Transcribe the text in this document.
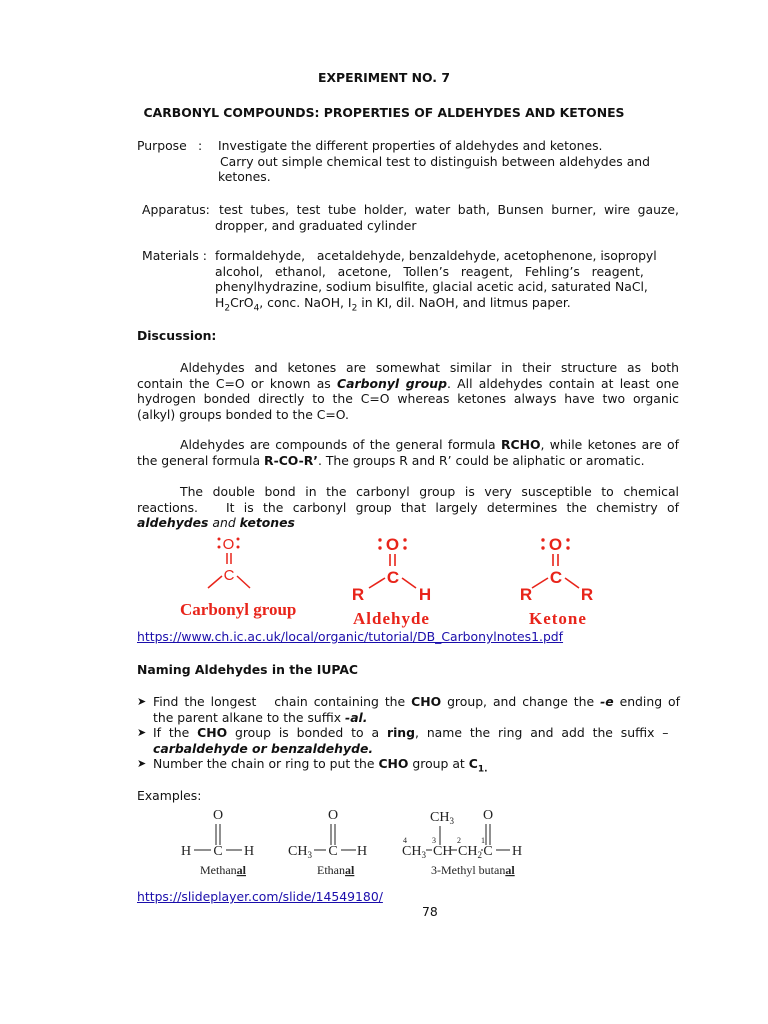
EXPERIMENT NO. 7
CARBONYL COMPOUNDS: PROPERTIES OF ALDEHYDES AND KETONES
Purpose : Investigate the different properties of aldehydes and ketones.
Carry out simple chemical test to distinguish between aldehydes and
ketones.
Apparatus: test tubes, test tube holder, water bath, Bunsen burner, wire gauze,
dropper, and graduated cylinder
Materials : formaldehyde,   acetaldehyde, benzaldehyde, acetophenone, isopropyl
alcohol,   ethanol,   acetone,   Tollen’s   reagent,   Fehling’s   reagent,
phenylhydrazine, sodium bisulfite, glacial acetic acid, saturated NaCl,
$H_2CrO_4$, conc. NaOH, $I_2$ in KI, dil. NaOH, and litmus paper.
Discussion:
Aldehydes and ketones are somewhat similar in their structure as both
contain the C=O or known as Carbonyl group. All aldehydes contain at least one
hydrogen bonded directly to the C=O whereas ketones always have two organic
(alkyl) groups bonded to the C=O.
Aldehydes are compounds of the general formula RCHO, while ketones are of
the general formula R-CO-R’. The groups R and R’ could be aliphatic or aromatic.
The double bond in the carbonyl group is very susceptible to chemical
reactions.   It is the carbonyl group that largely determines the chemistry of
aldehydes and ketones
O
C
Carbonyl group
O
C
R	H
Aldehyde
O
C
R	R
Ketone
https://www.ch.ic.ac.uk/local/organic/tutorial/DB_Carbonylnotes1.pdf
Naming Aldehydes in the IUPAC
➤ Find the longest   chain containing the CHO group, and change the -e ending of
the parent alkane to the suffix -al.
➤ If  the  CHO  group  is  bonded  to  a  ring,  name  the  ring  and  add  the  suffix  –
carbaldehyde or benzaldehyde.
➤ Number the chain or ring to put the CHO group at $C_{1.}$
Examples:
O
H C H
Methanal
O
$CH_3$ C H
Ethanal
$CH_3$ O
4	3	2	1
$CH_3$ CH $CH_2$ C H
3-Methyl butanal
https://slideplayer.com/slide/14549180/
78
